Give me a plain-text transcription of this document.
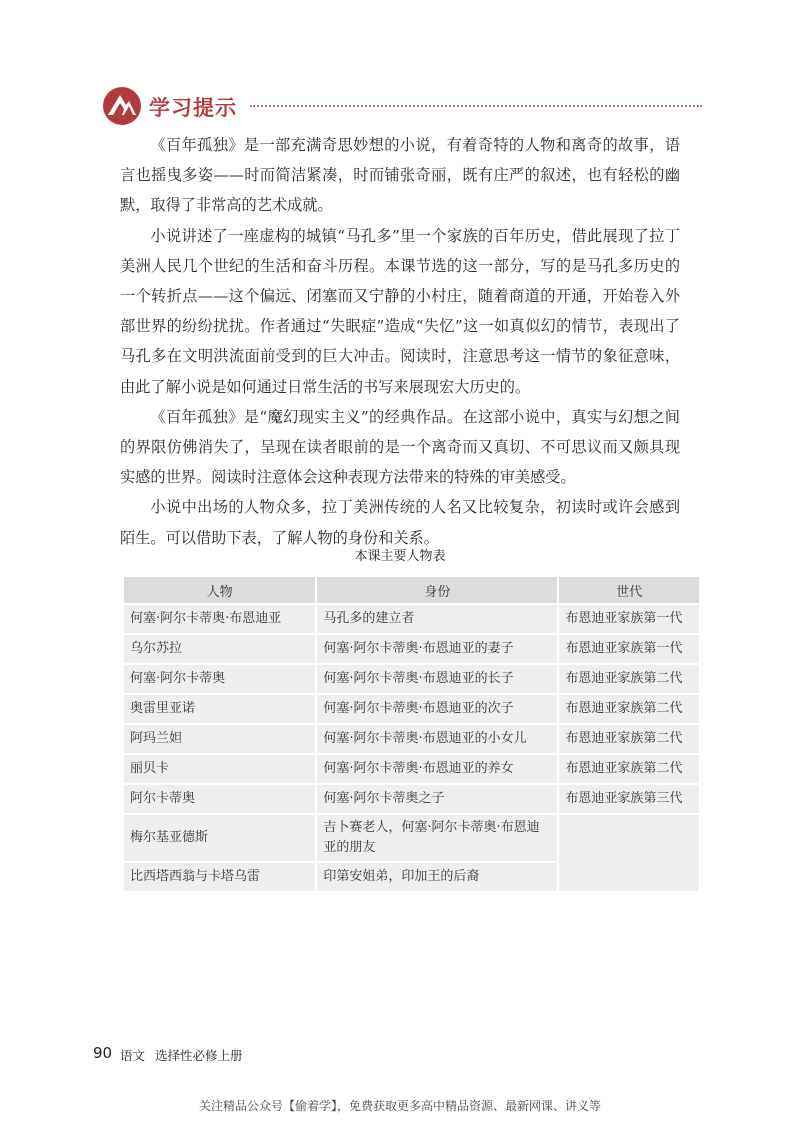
学习提示

《百年孤独》是一部充满奇思妙想的小说，有着奇特的人物和离奇的故事，语言也摇曳多姿——时而简洁紧凑，时而铺张奇丽，既有庄严的叙述，也有轻松的幽默，取得了非常高的艺术成就。

小说讲述了一座虚构的城镇“马孔多”里一个家族的百年历史，借此展现了拉丁美洲人民几个世纪的生活和奋斗历程。本课节选的这一部分，写的是马孔多历史的一个转折点——这个偏远、闭塞而又宁静的小村庄，随着商道的开通，开始卷入外部世界的纷纷扰扰。作者通过“失眠症”造成“失忆”这一如真似幻的情节，表现出了马孔多在文明洪流面前受到的巨大冲击。阅读时，注意思考这一情节的象征意味，由此了解小说是如何通过日常生活的书写来展现宏大历史的。

《百年孤独》是“魔幻现实主义”的经典作品。在这部小说中，真实与幻想之间的界限仿佛消失了，呈现在读者眼前的是一个离奇而又真切、不可思议而又颇具现实感的世界。阅读时注意体会这种表现方法带来的特殊的审美感受。

小说中出场的人物众多，拉丁美洲传统的人名又比较复杂，初读时或许会感到陌生。可以借助下表，了解人物的身份和关系。

本课主要人物表
人物	身份	世代
何塞·阿尔卡蒂奥·布恩迪亚	马孔多的建立者	布恩迪亚家族第一代
乌尔苏拉	何塞·阿尔卡蒂奥·布恩迪亚的妻子	布恩迪亚家族第一代
何塞·阿尔卡蒂奥	何塞·阿尔卡蒂奥·布恩迪亚的长子	布恩迪亚家族第二代
奥雷里亚诺	何塞·阿尔卡蒂奥·布恩迪亚的次子	布恩迪亚家族第二代
阿玛兰妲	何塞·阿尔卡蒂奥·布恩迪亚的小女儿	布恩迪亚家族第二代
丽贝卡	何塞·阿尔卡蒂奥·布恩迪亚的养女	布恩迪亚家族第二代
阿尔卡蒂奥	何塞·阿尔卡蒂奥之子	布恩迪亚家族第三代
梅尔基亚德斯	吉卜赛老人，何塞·阿尔卡蒂奥·布恩迪亚的朋友	
比西塔西翁与卡塔乌雷	印第安姐弟，印加王的后裔	
90 语文 选择性必修上册
关注精品公众号【偷着学】，免费获取更多高中精品资源、最新网课、讲义等
